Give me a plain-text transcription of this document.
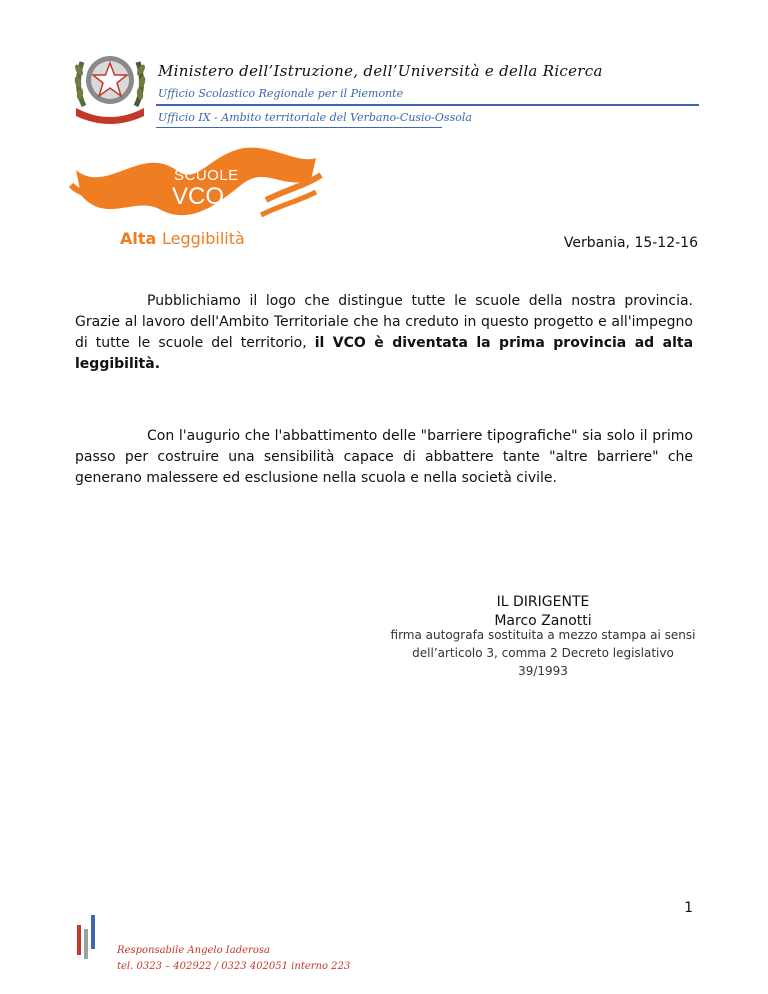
Ministero dell’Istruzione, dell’Università e della Ricerca
Ufficio Scolastico Regionale per il Piemonte
Ufficio IX - Ambito territoriale del Verbano-Cusio-Ossola
SCUOLE
VCO
Alta Leggibilità	Verbania, 15-12-16

Pubblichiamo il logo che distingue tutte le scuole della nostra provincia. Grazie al lavoro dell'Ambito Territoriale che ha creduto in questo progetto e all'impegno di tutte le scuole del territorio, il VCO è diventata la prima provincia ad alta leggibilità.

Con l'augurio che l'abbattimento delle "barriere tipografiche" sia solo il primo passo per costruire una sensibilità capace di abbattere tante "altre barriere" che generano malessere ed esclusione nella scuola e nella società civile.

IL DIRIGENTE
Marco Zanotti
firma autografa sostituita a mezzo stampa ai sensi dell’articolo 3, comma 2 Decreto legislativo 39/1993
1
Responsabile Angelo Iaderosa
tel. 0323 – 402922 / 0323 402051 interno 223
